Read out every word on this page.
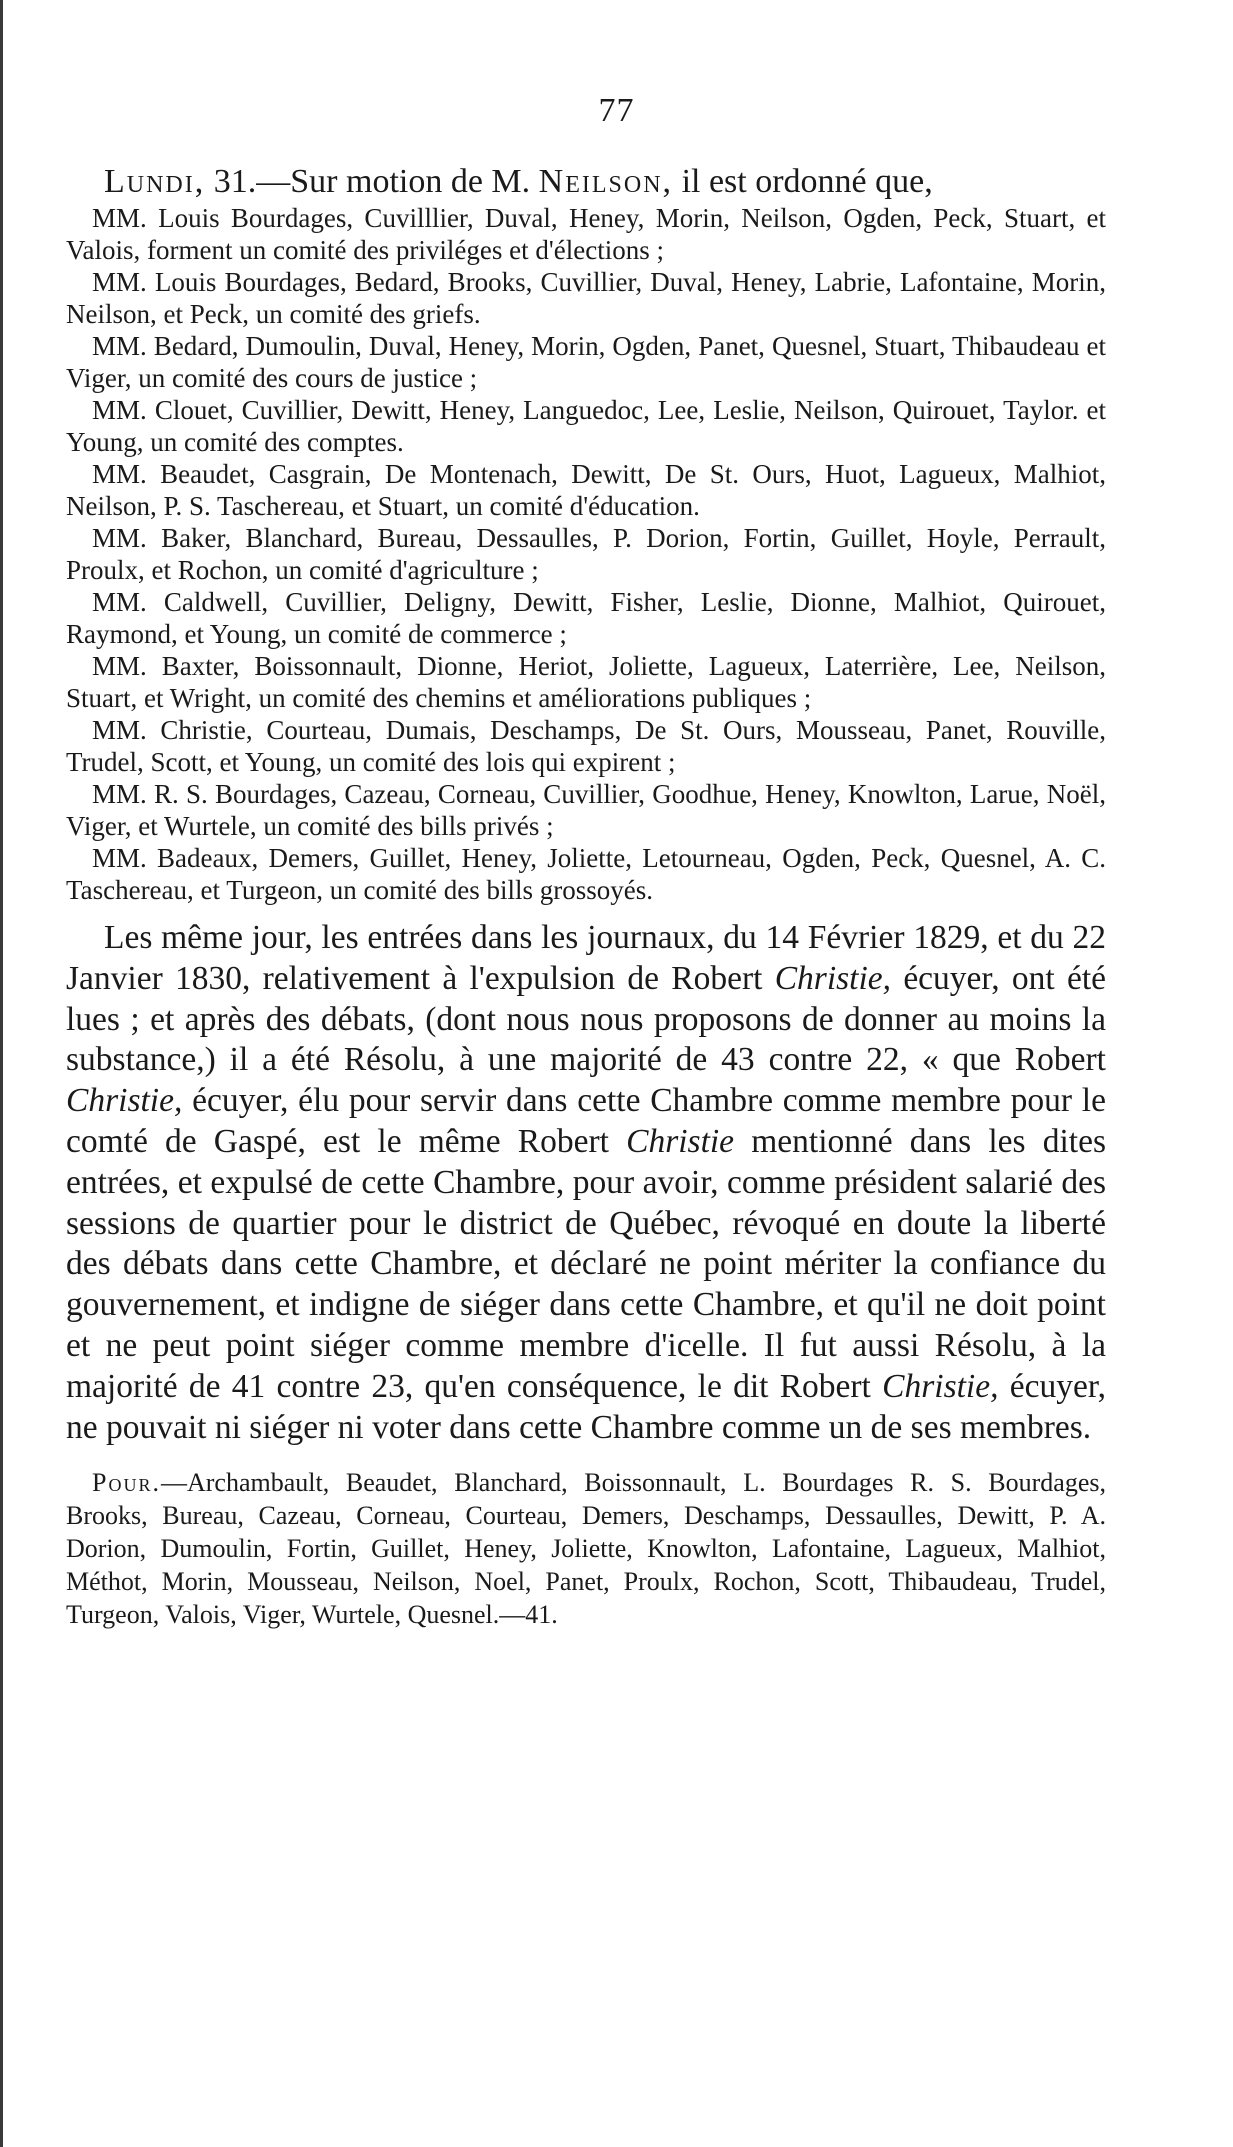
77

Lundi, 31.—Sur motion de M. Neilson, il est ordonné que,

MM. Louis Bourdages, Cuvilllier, Duval, Heney, Morin, Neilson, Ogden, Peck, Stuart, et Valois, forment un comité des priviléges et d'élections ;

MM. Louis Bourdages, Bedard, Brooks, Cuvillier, Duval, Heney, Labrie, Lafontaine, Morin, Neilson, et Peck, un comité des griefs.

MM. Bedard, Dumoulin, Duval, Heney, Morin, Ogden, Panet, Quesnel, Stuart, Thibaudeau et Viger, un comité des cours de justice ;

MM. Clouet, Cuvillier, Dewitt, Heney, Languedoc, Lee, Leslie, Neilson, Quirouet, Taylor. et Young, un comité des comptes.

MM. Beaudet, Casgrain, De Montenach, Dewitt, De St. Ours, Huot, Lagueux, Malhiot, Neilson, P. S. Taschereau, et Stuart, un comité d'éducation.

MM. Baker, Blanchard, Bureau, Dessaulles, P. Dorion, Fortin, Guillet, Hoyle, Perrault, Proulx, et Rochon, un comité d'agriculture ;

MM. Caldwell, Cuvillier, Deligny, Dewitt, Fisher, Leslie, Dionne, Malhiot, Quirouet, Raymond, et Young, un comité de commerce ;

MM. Baxter, Boissonnault, Dionne, Heriot, Joliette, Lagueux, Laterrière, Lee, Neilson, Stuart, et Wright, un comité des chemins et améliorations publiques ;

MM. Christie, Courteau, Dumais, Deschamps, De St. Ours, Mousseau, Panet, Rouville, Trudel, Scott, et Young, un comité des lois qui expirent ;

MM. R. S. Bourdages, Cazeau, Corneau, Cuvillier, Goodhue, Heney, Knowlton, Larue, Noël, Viger, et Wurtele, un comité des bills privés ;

MM. Badeaux, Demers, Guillet, Heney, Joliette, Letourneau, Ogden, Peck, Quesnel, A. C. Taschereau, et Turgeon, un comité des bills grossoyés.

Les même jour, les entrées dans les journaux, du 14 Février 1829, et du 22 Janvier 1830, relativement à l'expulsion de Robert Christie, écuyer, ont été lues ; et après des débats, (dont nous nous proposons de donner au moins la substance,) il a été Résolu, à une majorité de 43 contre 22, « que Robert Christie, écuyer, élu pour servir dans cette Chambre comme membre pour le comté de Gaspé, est le même Robert Christie mentionné dans les dites entrées, et expulsé de cette Chambre, pour avoir, comme président salarié des sessions de quartier pour le district de Québec, révoqué en doute la liberté des débats dans cette Chambre, et déclaré ne point mériter la confiance du gouvernement, et indigne de siéger dans cette Chambre, et qu'il ne doit point et ne peut point siéger comme membre d'icelle. Il fut aussi Résolu, à la majorité de 41 contre 23, qu'en conséquence, le dit Robert Christie, écuyer, ne pouvait ni siéger ni voter dans cette Chambre comme un de ses membres.

Pour.—Archambault, Beaudet, Blanchard, Boissonnault, L. Bourdages R. S. Bourdages, Brooks, Bureau, Cazeau, Corneau, Courteau, Demers, Deschamps, Dessaulles, Dewitt, P. A. Dorion, Dumoulin, Fortin, Guillet, Heney, Joliette, Knowlton, Lafontaine, Lagueux, Malhiot, Méthot, Morin, Mousseau, Neilson, Noel, Panet, Proulx, Rochon, Scott, Thibaudeau, Trudel, Turgeon, Valois, Viger, Wurtele, Quesnel.—41.
